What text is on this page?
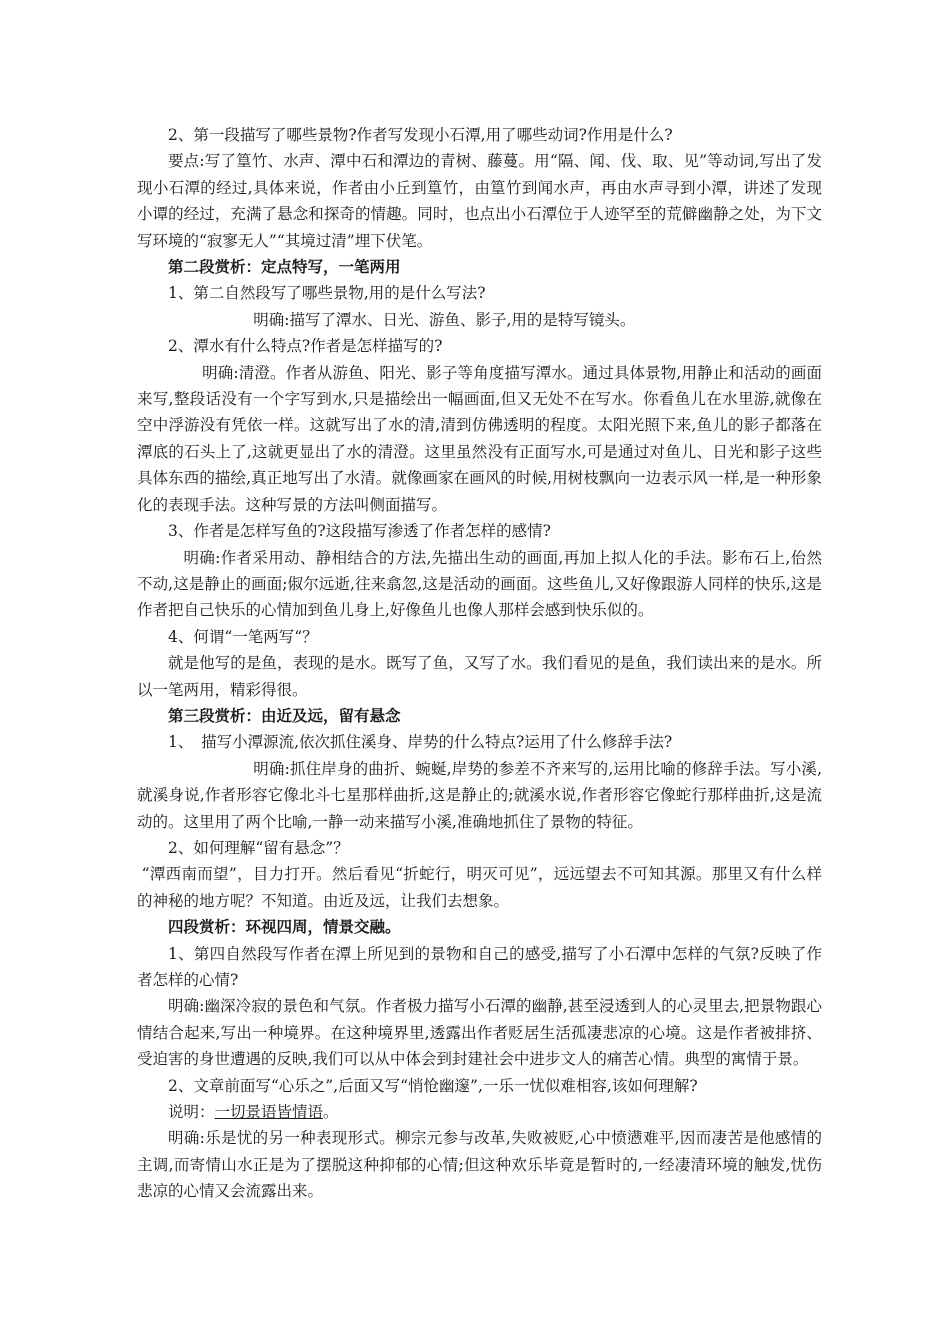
2、第一段描写了哪些景物?作者写发现小石潭,用了哪些动词?作用是什么?

要点:写了篁竹、水声、潭中石和潭边的青树、藤蔓。用“隔、闻、伐、取、见”等动词,写出了发现小石潭的经过,具体来说，作者由小丘到篁竹，由篁竹到闻水声，再由水声寻到小潭，讲述了发现小谭的经过，充满了悬念和探奇的情趣。同时，也点出小石潭位于人迹罕至的荒僻幽静之处，为下文写环境的“寂寥无人”“其境过清”埋下伏笔。

第二段赏析：定点特写，一笔两用

1、第二自然段写了哪些景物,用的是什么写法?

明确:描写了潭水、日光、游鱼、影子,用的是特写镜头。

2、潭水有什么特点?作者是怎样描写的?

明确:清澄。作者从游鱼、阳光、影子等角度描写潭水。通过具体景物,用静止和活动的画面来写,整段话没有一个字写到水,只是描绘出一幅画面,但又无处不在写水。你看鱼儿在水里游,就像在空中浮游没有凭依一样。这就写出了水的清,清到仿佛透明的程度。太阳光照下来,鱼儿的影子都落在潭底的石头上了,这就更显出了水的清澄。这里虽然没有正面写水,可是通过对鱼儿、日光和影子这些具体东西的描绘,真正地写出了水清。就像画家在画风的时候,用树枝飘向一边表示风一样,是一种形象化的表现手法。这种写景的方法叫侧面描写。

3、作者是怎样写鱼的?这段描写渗透了作者怎样的感情?

明确:作者采用动、静相结合的方法,先描出生动的画面,再加上拟人化的手法。影布石上,佁然不动,这是静止的画面;俶尔远逝,往来翕忽,这是活动的画面。这些鱼儿,又好像跟游人同样的快乐,这是作者把自己快乐的心情加到鱼儿身上,好像鱼儿也像人那样会感到快乐似的。

4、何谓“一笔两写“？

就是他写的是鱼，表现的是水。既写了鱼，又写了水。我们看见的是鱼，我们读出来的是水。所以一笔两用，精彩得很。

第三段赏析：由近及远，留有悬念

1、　描写小潭源流,依次抓住溪身、岸势的什么特点?运用了什么修辞手法?

明确:抓住岸身的曲折、蜿蜒,岸势的参差不齐来写的,运用比喻的修辞手法。写小溪,就溪身说,作者形容它像北斗七星那样曲折,这是静止的;就溪水说,作者形容它像蛇行那样曲折,这是流动的。这里用了两个比喻,一静一动来描写小溪,准确地抓住了景物的特征。

2、如何理解“留有悬念”？

“潭西南而望”，目力打开。然后看见“折蛇行，明灭可见”，远远望去不可知其源。那里又有什么样的神秘的地方呢？不知道。由近及远，让我们去想象。

四段赏析：环视四周，情景交融。

1、第四自然段写作者在潭上所见到的景物和自己的感受,描写了小石潭中怎样的气氛?反映了作者怎样的心情?

明确:幽深冷寂的景色和气氛。作者极力描写小石潭的幽静,甚至浸透到人的心灵里去,把景物跟心情结合起来,写出一种境界。在这种境界里,透露出作者贬居生活孤凄悲凉的心境。这是作者被排挤、受迫害的身世遭遇的反映,我们可以从中体会到封建社会中进步文人的痛苦心情。典型的寓情于景。

2、文章前面写“心乐之”,后面又写“悄怆幽邃”,一乐一忧似难相容,该如何理解?

说明：一切景语皆情语。

明确:乐是忧的另一种表现形式。柳宗元参与改革,失败被贬,心中愤懑难平,因而凄苦是他感情的主调,而寄情山水正是为了摆脱这种抑郁的心情;但这种欢乐毕竟是暂时的,一经凄清环境的触发,忧伤悲凉的心情又会流露出来。
